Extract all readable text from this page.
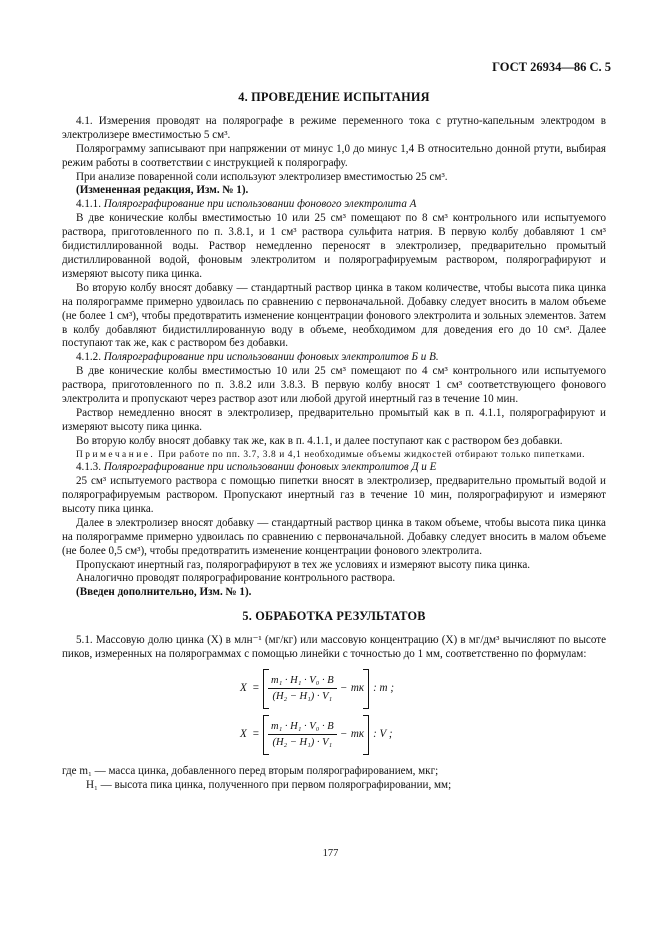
ГОСТ 26934—86 С. 5

4. ПРОВЕДЕНИЕ ИСПЫТАНИЯ

4.1. Измерения проводят на полярографе в режиме переменного тока с ртутно-капельным электродом в электролизере вместимостью 5 см³.

Полярограмму записывают при напряжении от минус 1,0 до минус 1,4 В относительно донной ртути, выбирая режим работы в соответствии с инструкцией к полярографу.

При анализе поваренной соли используют электролизер вместимостью 25 см³.

(Измененная редакция, Изм. № 1).

4.1.1. Полярографирование при использовании фонового электролита А

В две конические колбы вместимостью 10 или 25 см³ помещают по 8 см³ контрольного или испытуемого раствора, приготовленного по п. 3.8.1, и 1 см³ раствора сульфита натрия. В первую колбу добавляют 1 см³ бидистиллированной воды. Раствор немедленно переносят в электролизер, предварительно промытый дистиллированной водой, фоновым электролитом и полярографируемым раствором, полярографируют и измеряют высоту пика цинка.

Во вторую колбу вносят добавку — стандартный раствор цинка в таком количестве, чтобы высота пика цинка на полярограмме примерно удвоилась по сравнению с первоначальной. Добавку следует вносить в малом объеме (не более 1 см³), чтобы предотвратить изменение концентрации фонового электролита и зольных элементов. Затем в колбу добавляют бидистиллированную воду в объеме, необходимом для доведения его до 10 см³. Далее поступают так же, как с раствором без добавки.

4.1.2. Полярографирование при использовании фоновых электролитов Б и В.

В две конические колбы вместимостью 10 или 25 см³ помещают по 4 см³ контрольного или испытуемого раствора, приготовленного по п. 3.8.2 или 3.8.3. В первую колбу вносят 1 см³ соответствующего фонового электролита и пропускают через раствор азот или любой другой инертный газ в течение 10 мин.

Раствор немедленно вносят в электролизер, предварительно промытый как в п. 4.1.1, полярографируют и измеряют высоту пика цинка.

Во вторую колбу вносят добавку так же, как в п. 4.1.1, и далее поступают как с раствором без добавки.

Примечание. При работе по пп. 3.7, 3.8 и 4,1 необходимые объемы жидкостей отбирают только пипетками.

4.1.3. Полярографирование при использовании фоновых электролитов Д и Е

25 см³ испытуемого раствора с помощью пипетки вносят в электролизер, предварительно промытый водой и полярографируемым раствором. Пропускают инертный газ в течение 10 мин, полярографируют и измеряют высоту пика цинка.

Далее в электролизер вносят добавку — стандартный раствор цинка в таком объеме, чтобы высота пика цинка на полярограмме примерно удвоилась по сравнению с первоначальной. Добавку следует вносить в малом объеме (не более 0,5 см³), чтобы предотвратить изменение концентрации фонового электролита.

Пропускают инертный газ, полярографируют в тех же условиях и измеряют высоту пика цинка.

Аналогично проводят полярографирование контрольного раствора.

(Введен дополнительно, Изм. № 1).

5. ОБРАБОТКА РЕЗУЛЬТАТОВ

5.1. Массовую долю цинка (X) в млн⁻¹ (мг/кг) или массовую концентрацию (X) в мг/дм³ вычисляют по высоте пиков, измеренных на полярограммах с помощью линейки с точностью до 1 мм, соответственно по формулам:

$X = \frac{\text{m₁ · H₁ · V₀ · B}}{\text{(H₂ − H₁) · V₁}}$ − mк : m ;
$X = \frac{\text{m₁ · H₁ · V₀ · B}}{\text{(H₂ − H₁) · V₁}}$ − mк : V ;

где m₁ — масса цинка, добавленного перед вторым полярографированием, мкг;

H₁ — высота пика цинка, полученного при первом полярографировании, мм;

177
